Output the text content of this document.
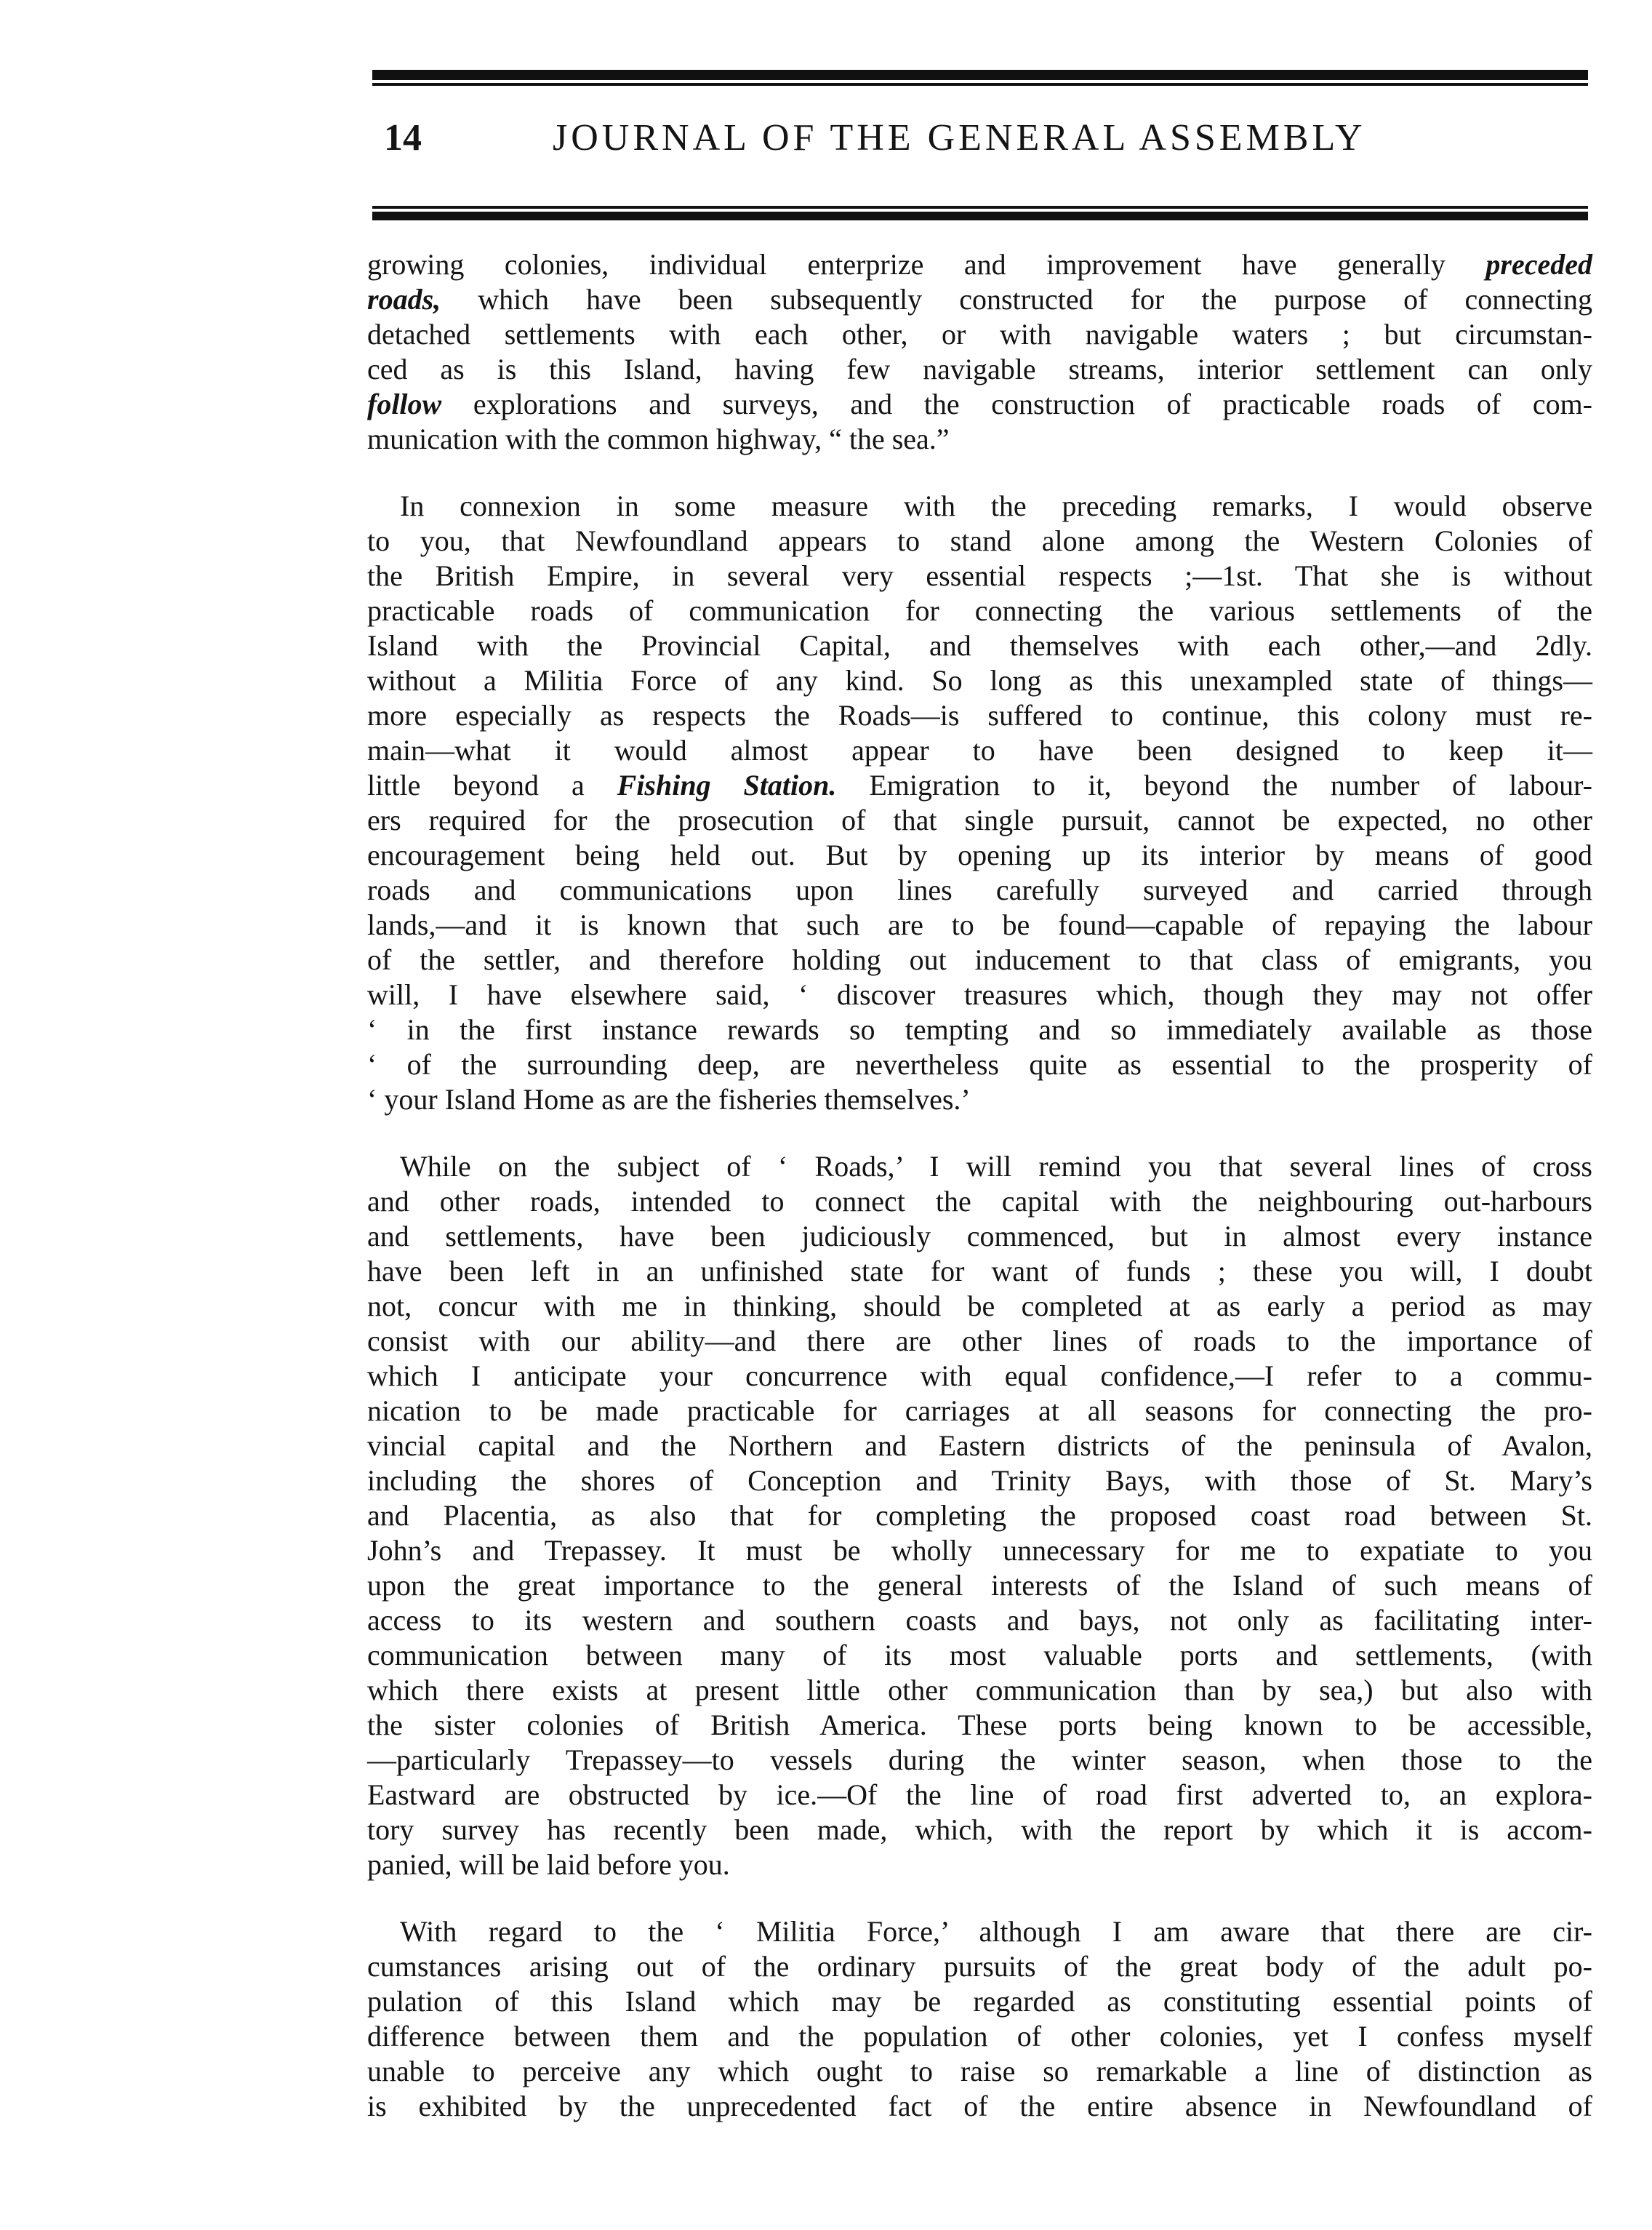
14	JOURNAL OF THE GENERAL ASSEMBLY

growing colonies, individual enterprize and improvement have generally preceded

roads, which have been subsequently constructed for the purpose of connecting

detached settlements with each other, or with navigable waters ; but circumstan-

ced as is this Island, having few navigable streams, interior settlement can only

follow explorations and surveys, and the construction of practicable roads of com-

munication with the common highway, “ the sea.”

In connexion in some measure with the preceding remarks, I would observe

to you, that Newfoundland appears to stand alone among the Western Colonies of

the British Empire, in several very essential respects ;—1st. That she is without

practicable roads of communication for connecting the various settlements of the

Island with the Provincial Capital, and themselves with each other,—and 2dly.

without a Militia Force of any kind. So long as this unexampled state of things—

more especially as respects the Roads—is suffered to continue, this colony must re-

main—what it would almost appear to have been designed to keep it—

little beyond a Fishing Station. Emigration to it, beyond the number of labour-

ers required for the prosecution of that single pursuit, cannot be expected, no other

encouragement being held out. But by opening up its interior by means of good

roads and communications upon lines carefully surveyed and carried through

lands,—and it is known that such are to be found—capable of repaying the labour

of the settler, and therefore holding out inducement to that class of emigrants, you

will, I have elsewhere said, ‘ discover treasures which, though they may not offer

‘ in the first instance rewards so tempting and so immediately available as those

‘ of the surrounding deep, are nevertheless quite as essential to the prosperity of

‘ your Island Home as are the fisheries themselves.’

While on the subject of ‘ Roads,’ I will remind you that several lines of cross

and other roads, intended to connect the capital with the neighbouring out-harbours

and settlements, have been judiciously commenced, but in almost every instance

have been left in an unfinished state for want of funds ; these you will, I doubt

not, concur with me in thinking, should be completed at as early a period as may

consist with our ability—and there are other lines of roads to the importance of

which I anticipate your concurrence with equal confidence,—I refer to a commu-

nication to be made practicable for carriages at all seasons for connecting the pro-

vincial capital and the Northern and Eastern districts of the peninsula of Avalon,

including the shores of Conception and Trinity Bays, with those of St. Mary’s

and Placentia, as also that for completing the proposed coast road between St.

John’s and Trepassey. It must be wholly unnecessary for me to expatiate to you

upon the great importance to the general interests of the Island of such means of

access to its western and southern coasts and bays, not only as facilitating inter-

communication between many of its most valuable ports and settlements, (with

which there exists at present little other communication than by sea,) but also with

the sister colonies of British America. These ports being known to be accessible,

—particularly Trepassey—to vessels during the winter season, when those to the

Eastward are obstructed by ice.—Of the line of road first adverted to, an explora-

tory survey has recently been made, which, with the report by which it is accom-

panied, will be laid before you.

With regard to the ‘ Militia Force,’ although I am aware that there are cir-

cumstances arising out of the ordinary pursuits of the great body of the adult po-

pulation of this Island which may be regarded as constituting essential points of

difference between them and the population of other colonies, yet I confess myself

unable to perceive any which ought to raise so remarkable a line of distinction as

is exhibited by the unprecedented fact of the entire absence in Newfoundland of
